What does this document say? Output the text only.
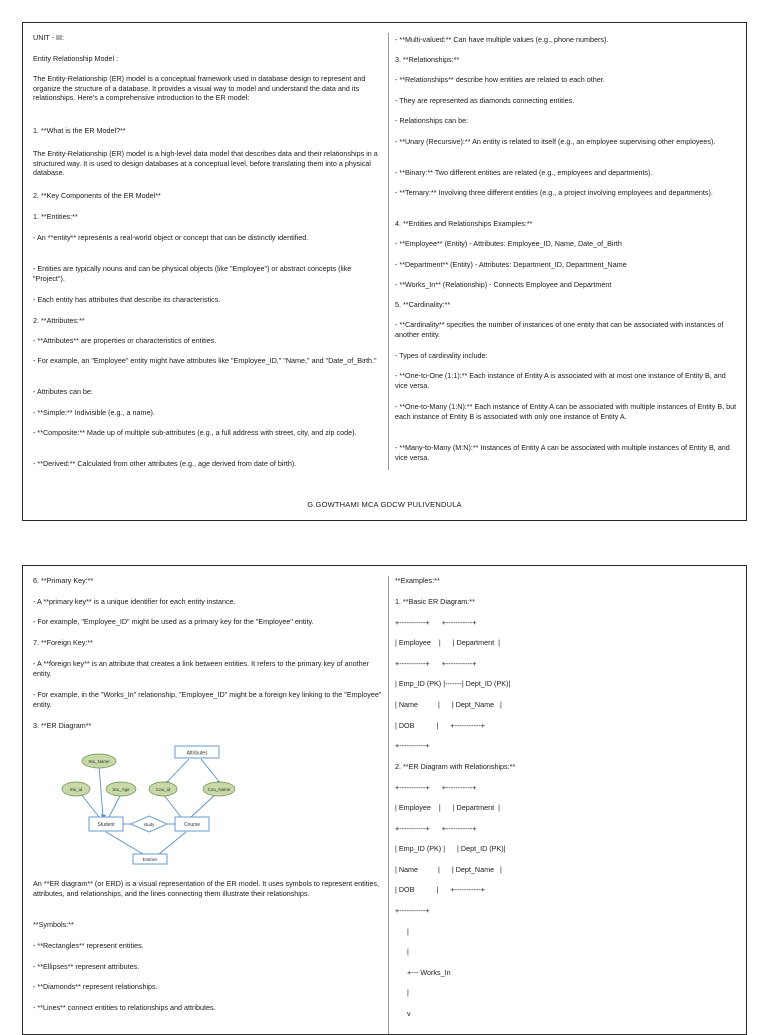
UNIT - III:

Entity Relationship Model :

The Entity-Relationship (ER) model is a conceptual framework used in database design to represent and organize the structure of a database. It provides a visual way to model and understand the data and its relationships. Here's a comprehensive introduction to the ER model:

1. **What is the ER Model?**

The Entity-Relationship (ER) model is a high-level data model that describes data and their relationships in a structured way. It is used to design databases at a conceptual level, before translating them into a physical database.

2. **Key Components of the ER Model**

1. **Entities:**

- An **entity** represents a real-world object or concept that can be distinctly identified.

- Entities are typically nouns and can be physical objects (like "Employee") or abstract concepts (like "Project").

- Each entity has attributes that describe its characteristics.

2. **Attributes:**

- **Attributes** are properties or characteristics of entities.

- For example, an "Employee" entity might have attributes like "Employee_ID," "Name," and "Date_of_Birth."

- Attributes can be:

- **Simple:** Indivisible (e.g., a name).

- **Composite:** Made up of multiple sub-attributes (e.g., a full address with street, city, and zip code).

- **Derived:** Calculated from other attributes (e.g., age derived from date of birth).

- **Multi-valued:** Can have multiple values (e.g., phone numbers).

3. **Relationships:**

- **Relationships** describe how entities are related to each other.

- They are represented as diamonds connecting entities.

- Relationships can be:

- **Unary (Recursive):** An entity is related to itself (e.g., an employee supervising other employees).

- **Binary:** Two different entities are related (e.g., employees and departments).

- **Ternary:** Involving three different entities (e.g., a project involving employees and departments).

4. **Entities and Relationships Examples:**

- **Employee** (Entity) - Attributes: Employee_ID, Name, Date_of_Birth

- **Department** (Entity) - Attributes: Department_ID, Department_Name

- **Works_In** (Relationship) - Connects Employee and Department

5. **Cardinality:**

- **Cardinality** specifies the number of instances of one entity that can be associated with instances of another entity.

- Types of cardinality include:

- **One-to-One (1:1):** Each instance of Entity A is associated with at most one instance of Entity B, and vice versa.

- **One-to-Many (1:N):** Each instance of Entity A can be associated with multiple instances of Entity B, but each instance of Entity B is associated with only one instance of Entity A.

- **Many-to-Many (M:N):** Instances of Entity A can be associated with multiple instances of Entity B, and vice versa.

G.GOWTHAMI MCA GDCW PULIVENDULA

6. **Primary Key:**

- A **primary key** is a unique identifier for each entity instance.

- For example, "Employee_ID" might be used as a primary key for the "Employee" entity.

7. **Foreign Key:**

- A **foreign key** is an attribute that creates a link between entities. It refers to the primary key of another entity.

- For example, in the "Works_In" relationship, "Employee_ID" might be a foreign key linking to the "Employee" entity.

3. **ER Diagram**

Attributes
Stu_Name
Stu_id	Stu_Age	Cou_id	Cou_Name
Student	Course
study
Entities

An **ER diagram** (or ERD) is a visual representation of the ER model. It uses symbols to represent entities, attributes, and relationships, and the lines connecting them illustrate their relationships.

**Symbols:**

- **Rectangles** represent entities.

- **Ellipses** represent attributes.

- **Diamonds** represent relationships.

- **Lines** connect entities to relationships and attributes.

**Examples:**

1. **Basic ER Diagram:**

+-----------+      +-----------+

| Employee    |      | Department  |

+-----------+      +-----------+

| Emp_ID (PK) |-------| Dept_ID (PK)|

| Name          |      | Dept_Name   |

| DOB           |      +-----------+

+-----------+

2. **ER Diagram with Relationships:**

+-----------+      +-----------+

| Employee    |      | Department  |

+-----------+      +-----------+

| Emp_ID (PK) |      | Dept_ID (PK)|

| Name          |      | Dept_Name   |

| DOB           |      +-----------+

+-----------+

|

|

+--- Works_In

|

v
